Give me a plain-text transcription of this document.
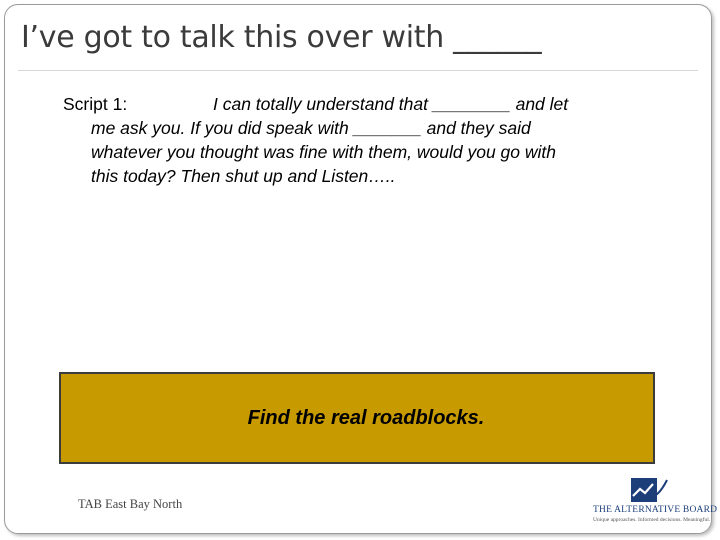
I’ve got to talk this over with ______
Script 1:	I can totally understand that ________ and let
me ask you. If you did speak with _______ and they said
whatever you thought was fine with them, would you go with
this today? Then shut up and Listen…..
Find the real roadblocks.
TAB East Bay North	THE ALTERNATIVE BOARD
Unique approaches. Informed decisions. Meaningful.
